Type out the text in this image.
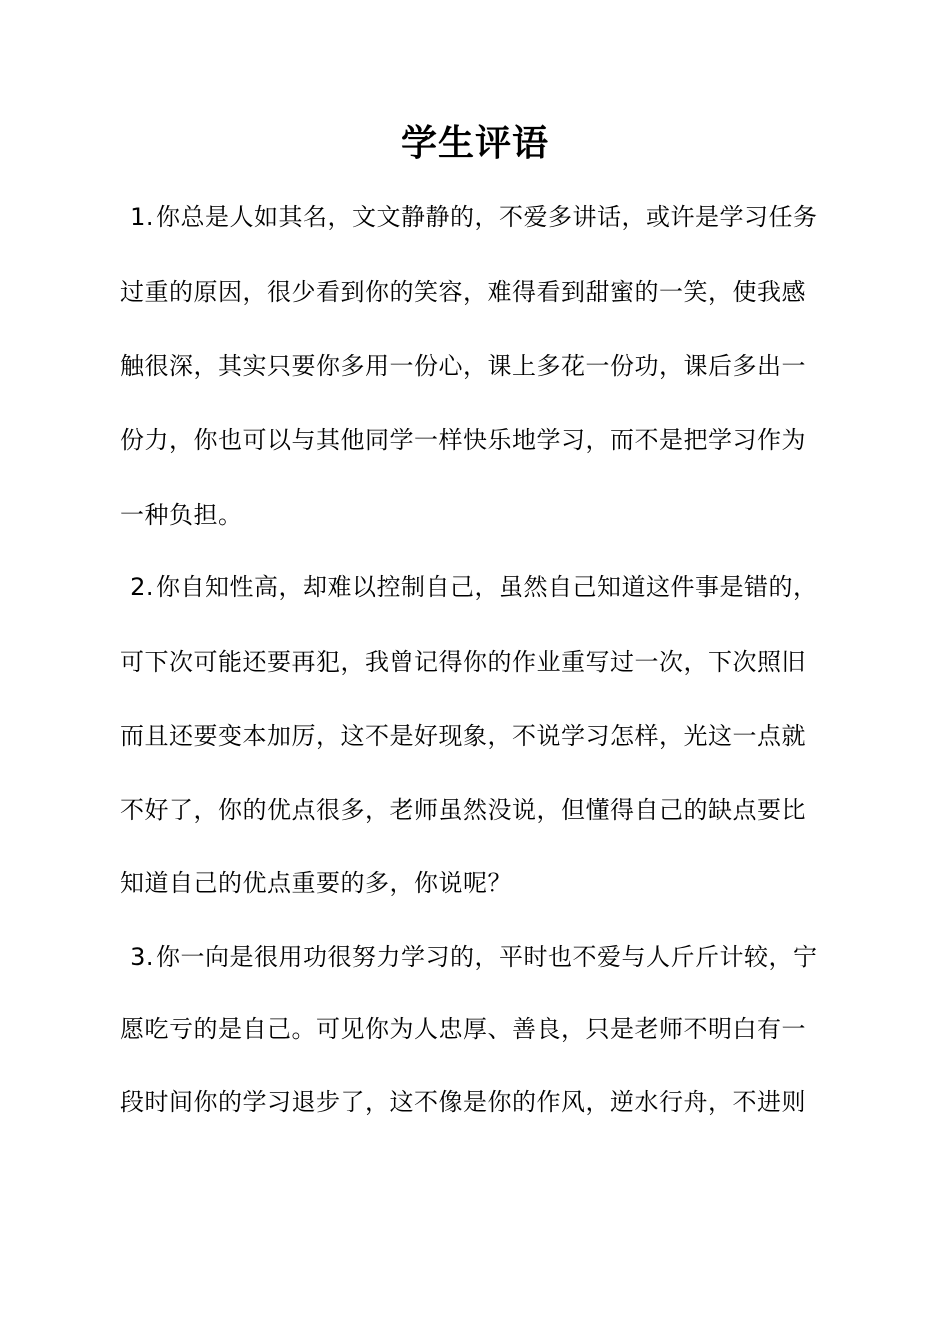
学生评语
1.你总是人如其名，文文静静的，不爱多讲话，或许是学习任务
过重的原因，很少看到你的笑容，难得看到甜蜜的一笑，使我感
触很深，其实只要你多用一份心，课上多花一份功，课后多出一
份力，你也可以与其他同学一样快乐地学习，而不是把学习作为
一种负担。
2.你自知性高，却难以控制自己，虽然自己知道这件事是错的，
可下次可能还要再犯，我曾记得你的作业重写过一次，下次照旧
而且还要变本加厉，这不是好现象，不说学习怎样，光这一点就
不好了，你的优点很多，老师虽然没说，但懂得自己的缺点要比
知道自己的优点重要的多，你说呢？
3.你一向是很用功很努力学习的，平时也不爱与人斤斤计较，宁
愿吃亏的是自己。可见你为人忠厚、善良，只是老师不明白有一
段时间你的学习退步了，这不像是你的作风，逆水行舟，不进则
